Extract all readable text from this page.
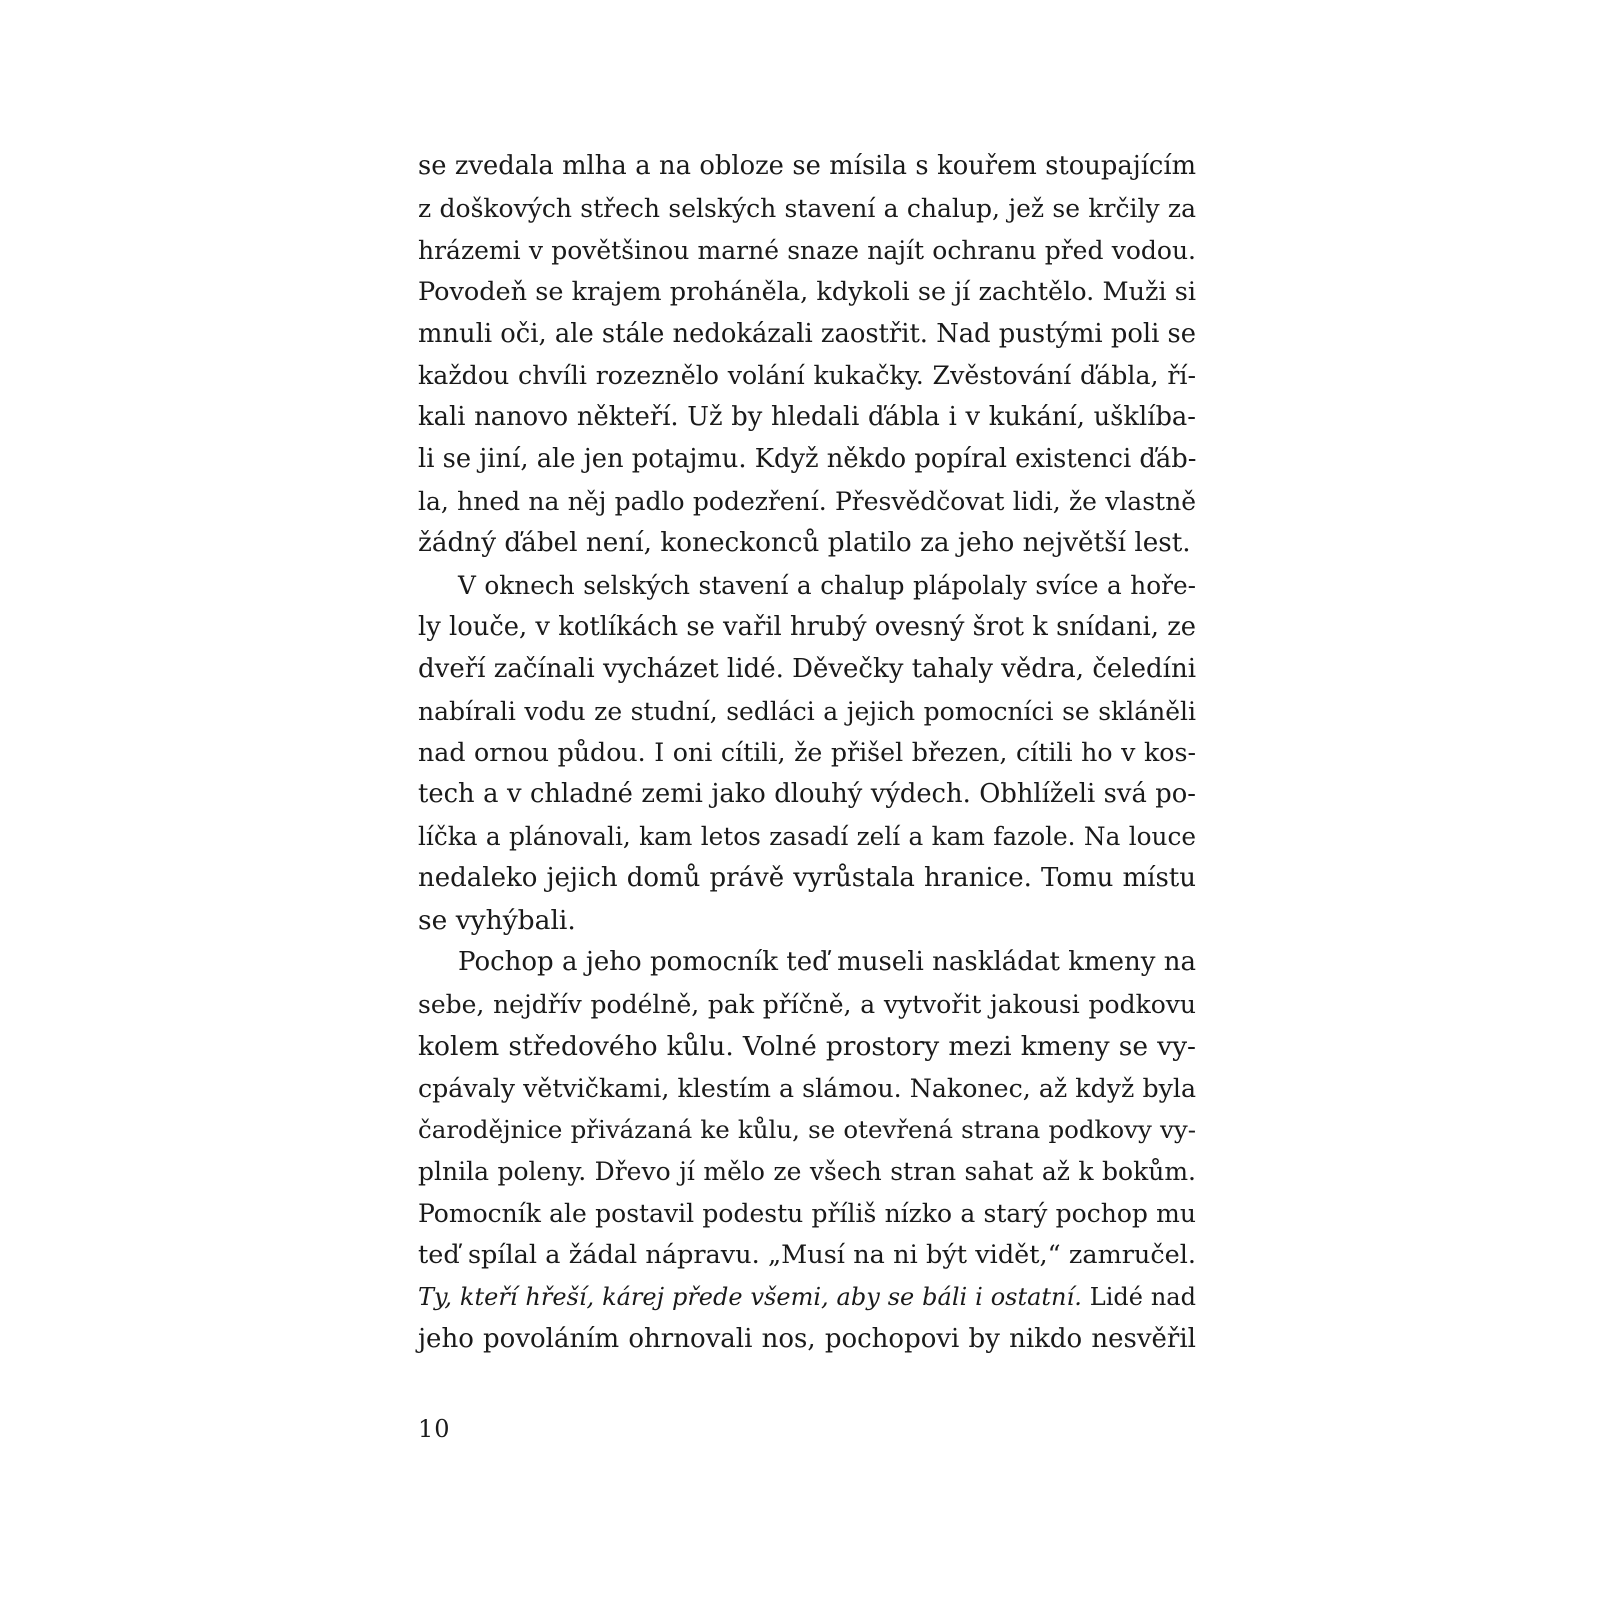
se zvedala mlha a na obloze se mísila s kouřem stoupajícím
z doškových střech selských stavení a chalup, jež se krčily za
hrázemi v povětšinou marné snaze najít ochranu před vodou.
Povodeň se krajem proháněla, kdykoli se jí zachtělo. Muži si
mnuli oči, ale stále nedokázali zaostřit. Nad pustými poli se
každou chvíli rozeznělo volání kukačky. Zvěstování ďábla, ří-
kali nanovo někteří. Už by hledali ďábla i v kukání, ušklíba-
li se jiní, ale jen potajmu. Když někdo popíral existenci ďáb-
la, hned na něj padlo podezření. Přesvědčovat lidi, že vlastně
žádný ďábel není, koneckonců platilo za jeho největší lest.
V oknech selských stavení a chalup plápolaly svíce a hoře-
ly louče, v kotlíkách se vařil hrubý ovesný šrot k snídani, ze
dveří začínali vycházet lidé. Děvečky tahaly vědra, čeledíni
nabírali vodu ze studní, sedláci a jejich pomocníci se skláněli
nad ornou půdou. I oni cítili, že přišel březen, cítili ho v kos-
tech a v chladné zemi jako dlouhý výdech. Obhlíželi svá po-
líčka a plánovali, kam letos zasadí zelí a kam fazole. Na louce
nedaleko jejich domů právě vyrůstala hranice. Tomu místu
se vyhýbali.
Pochop a jeho pomocník teď museli naskládat kmeny na
sebe, nejdřív podélně, pak příčně, a vytvořit jakousi podkovu
kolem středového kůlu. Volné prostory mezi kmeny se vy-
cpávaly větvičkami, klestím a slámou. Nakonec, až když byla
čarodějnice přivázaná ke kůlu, se otevřená strana podkovy vy-
plnila poleny. Dřevo jí mělo ze všech stran sahat až k bokům.
Pomocník ale postavil podestu příliš nízko a starý pochop mu
teď spílal a žádal nápravu. „Musí na ni být vidět,“ zamručel.
Ty, kteří hřeší, kárej přede všemi, aby se báli i ostatní. Lidé nad
jeho povoláním ohrnovali nos, pochopovi by nikdo nesvěřil
10
